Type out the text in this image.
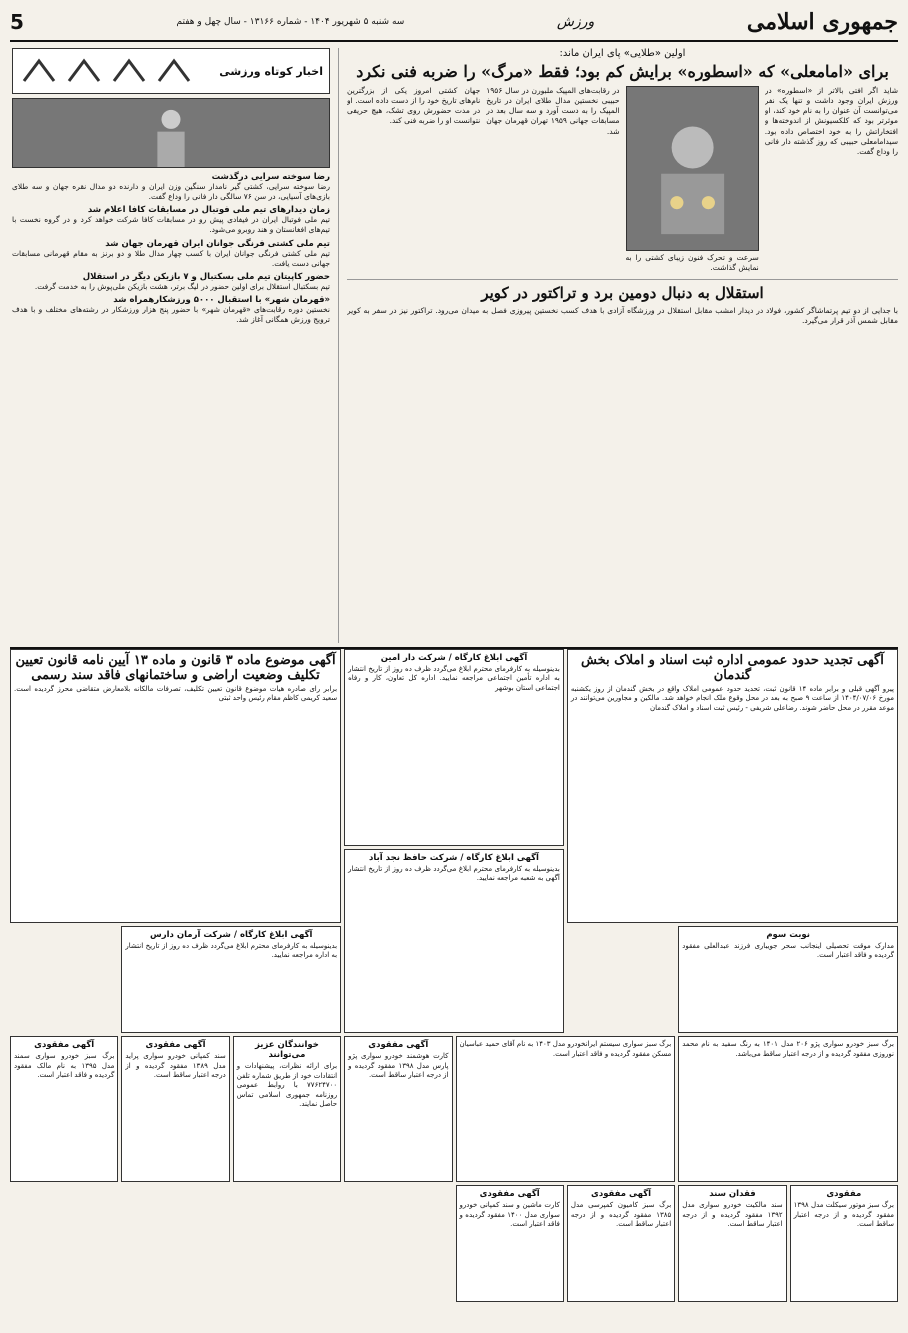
جمهوری اسلامی
ورزش
سه شنبه ۵ شهریور ۱۴۰۴ - شماره ۱۳۱۶۶ - سال چهل و هفتم
5
اولین «طلایی» پای ایران ماند:
برای «امامعلی» که «اسطوره» برایش کم بود؛ فقط «مرگ» را ضربه فنی نکرد
شاید اگر افتی بالاتر از «اسطوره» در ورزش ایران وجود داشت و تنها یک نفر می‌توانست آن عنوان را به نام خود کند، او موثرتر بود که کلکسیونش از اندوخته‌ها و افتخاراتش را به خود اختصاص داده بود. سیدامامعلی حبیبی که روز گذشته دار فانی را وداع گفت.
سرعت و تحرک فنون زیبای کشتی را به نمایش گذاشت.
در رقابت‌های المپیک ملبورن در سال ۱۹۵۶ حبیبی نخستین مدال طلای ایران در تاریخ المپیک را به دست آورد و سه سال بعد در مسابقات جهانی ۱۹۵۹ تهران قهرمان جهان شد.
جهان کشتی امروز یکی از بزرگترین نام‌های تاریخ خود را از دست داده است. او در مدت حضورش روی تشک، هیچ حریفی نتوانست او را ضربه فنی کند.
استقلال به دنبال دومین برد و تراکتور در کویر
با جدایی از دو تیم پرتماشاگر کشور، فولاد در دیدار امشب مقابل استقلال در ورزشگاه آزادی با هدف کسب نخستین پیروزی فصل به میدان می‌رود. تراکتور نیز در سفر به کویر مقابل شمس آذر قرار می‌گیرد.
اخبار کوتاه ورزشی
رضا سوخته سرایی درگذشت
رضا سوخته سرایی، کشتی گیر نامدار سنگین وزن ایران و دارنده دو مدال نقره جهان و سه طلای بازی‌های آسیایی، در سن ۷۶ سالگی دار فانی را وداع گفت.
زمان دیدارهای تیم ملی فوتبال در مسابقات کافا اعلام شد
تیم ملی فوتبال ایران در فیفادی پیش رو در مسابقات کافا شرکت خواهد کرد و در گروه نخست با تیم‌های افغانستان و هند روبرو می‌شود.
تیم ملی کشتی فرنگی جوانان ایران قهرمان جهان شد
تیم ملی کشتی فرنگی جوانان ایران با کسب چهار مدال طلا و دو برنز به مقام قهرمانی مسابقات جهانی دست یافت.
حضور کاپیتان تیم ملی بسکتبال و ۷ بازیکن دیگر در استقلال
تیم بسکتبال استقلال برای اولین حضور در لیگ برتر، هشت بازیکن ملی‌پوش را به خدمت گرفت.
«قهرمان شهر» با استقبال ۵۰۰۰ ورزشکارهمراه شد
نخستین دوره رقابت‌های «قهرمان شهر» با حضور پنج هزار ورزشکار در رشته‌های مختلف و با هدف ترویج ورزش همگانی آغاز شد.
آگهی تجدید حدود عمومی اداره ثبت اسناد و املاک بخش گندمان
پیرو آگهی قبلی و برابر ماده ۱۴ قانون ثبت، تحدید حدود عمومی املاک واقع در بخش گندمان از روز یکشنبه مورخ ۱۴۰۴/۰۷/۰۶ از ساعت ۹ صبح به بعد در محل وقوع ملک انجام خواهد شد. مالکین و مجاورین می‌توانند در موعد مقرر در محل حاضر شوند. رضاعلی شریفی - رئیس ثبت اسناد و املاک گندمان
آگهی ابلاغ کارگاه / شرکت دار امین
بدینوسیله به کارفرمای محترم ابلاغ می‌گردد ظرف ده روز از تاریخ انتشار به اداره تأمین اجتماعی مراجعه نمایید. اداره کل تعاون، کار و رفاه اجتماعی استان بوشهر
آگهی موضوع ماده ۳ قانون و ماده ۱۳ آیین نامه قانون تعیین تکلیف وضعیت اراضی و ساختمانهای فاقد سند رسمی
برابر رای صادره هیات موضوع قانون تعیین تکلیف، تصرفات مالکانه بلامعارض متقاضی محرز گردیده است. سعید کریمی کاظم مقام رئیس واحد ثبتی
آگهی ابلاغ کارگاه / شرکت حافظ نجد آباد
بدینوسیله به کارفرمای محترم ابلاغ می‌گردد ظرف ده روز از تاریخ انتشار آگهی به شعبه مراجعه نمایید.
نوبت سوم
مدارک موقت تحصیلی اینجانب سحر جویباری فرزند عبدالعلی مفقود گردیده و فاقد اعتبار است.
آگهی ابلاغ کارگاه / شرکت آرمان دارس
بدینوسیله به کارفرمای محترم ابلاغ می‌گردد ظرف ده روز از تاریخ انتشار به اداره مراجعه نمایید.
برگ سبز خودرو سواری پژو ۲۰۶ مدل ۱۴۰۱ به رنگ سفید به نام محمد نوروزی مفقود گردیده و از درجه اعتبار ساقط می‌باشد.
برگ سبز سواری سیستم ایرانخودرو مدل ۱۴۰۳ به نام آقای حمید عباسیان مسکن مفقود گردیده و فاقد اعتبار است.
آگهی مفقودی
کارت هوشمند خودرو سواری پژو پارس مدل ۱۳۹۸ مفقود گردیده و از درجه اعتبار ساقط است.
خوانندگان عزیز می‌توانند
برای ارائه نظرات، پیشنهادات و انتقادات خود از طریق شماره تلفن ۷۷۶۲۴۷۰۰ با روابط عمومی روزنامه جمهوری اسلامی تماس حاصل نمایند.
آگهی مفقودی
سند کمپانی خودرو سواری پراید مدل ۱۳۸۹ مفقود گردیده و از درجه اعتبار ساقط است.
آگهی مفقودی
برگ سبز خودرو سواری سمند مدل ۱۳۹۵ به نام مالک مفقود گردیده و فاقد اعتبار است.
مفقودی
برگ سبز موتور سیکلت مدل ۱۳۹۸ مفقود گردیده و از درجه اعتبار ساقط است.
فقدان سند
سند مالکیت خودرو سواری مدل ۱۳۹۲ مفقود گردیده و از درجه اعتبار ساقط است.
آگهی مفقودی
برگ سبز کامیون کمپرسی مدل ۱۳۸۵ مفقود گردیده و از درجه اعتبار ساقط است.
آگهی مفقودی
کارت ماشین و سند کمپانی خودرو سواری مدل ۱۴۰۰ مفقود گردیده و فاقد اعتبار است.
